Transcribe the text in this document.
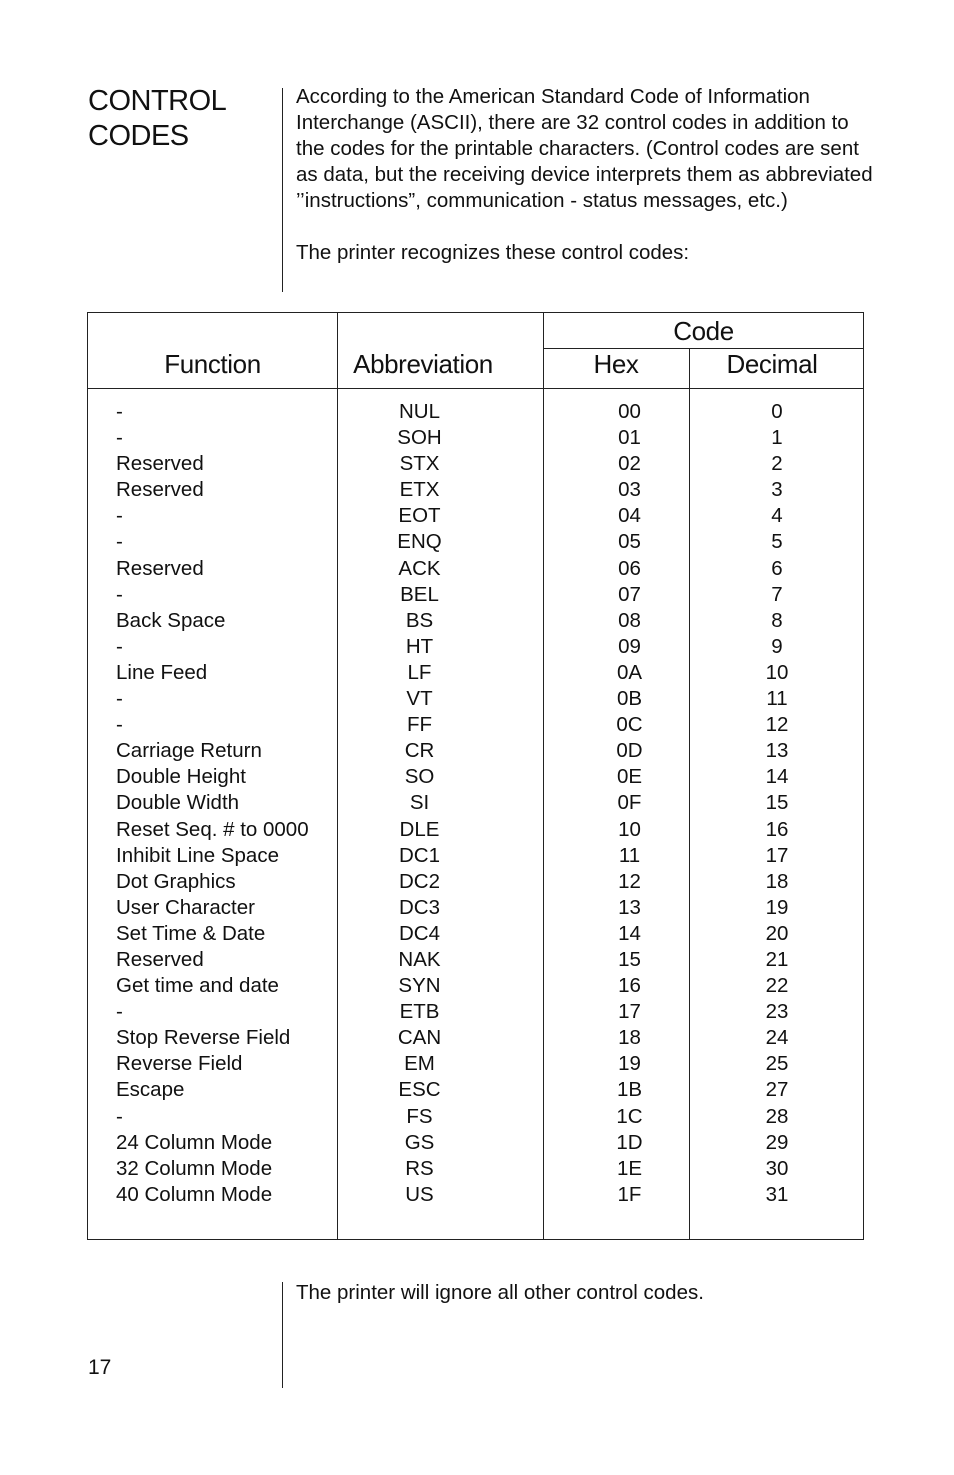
CONTROL
CODES

According to the American Standard Code of Information Interchange (ASCII), there are 32 control codes in addition to the codes for the printable characters. (Control codes are sent as data, but the receiving device interprets them as abbreviated ’’instructions”, communication - status messages, etc.)

The printer recognizes these control codes:

Function	Abbreviation
Code
Hex	Decimal
-	NUL	00	0
-	SOH	01	1
Reserved	STX	02	2
Reserved	ETX	03	3
-	EOT	04	4
-	ENQ	05	5
Reserved	ACK	06	6
-	BEL	07	7
Back Space	BS	08	8
-	HT	09	9
Line Feed	LF	0A	10
-	VT	0B	11
-	FF	0C	12
Carriage Return	CR	0D	13
Double Height	SO	0E	14
Double Width	SI	0F	15
Reset Seq. # to 0000	DLE	10	16
Inhibit Line Space	DC1	11	17
Dot Graphics	DC2	12	18
User Character	DC3	13	19
Set Time & Date	DC4	14	20
Reserved	NAK	15	21
Get time and date	SYN	16	22
-	ETB	17	23
Stop Reverse Field	CAN	18	24
Reverse Field	EM	19	25
Escape	ESC	1B	27
-	FS	1C	28
24 Column Mode	GS	1D	29
32 Column Mode	RS	1E	30
40 Column Mode	US	1F	31
The printer will ignore all other control codes.
17
